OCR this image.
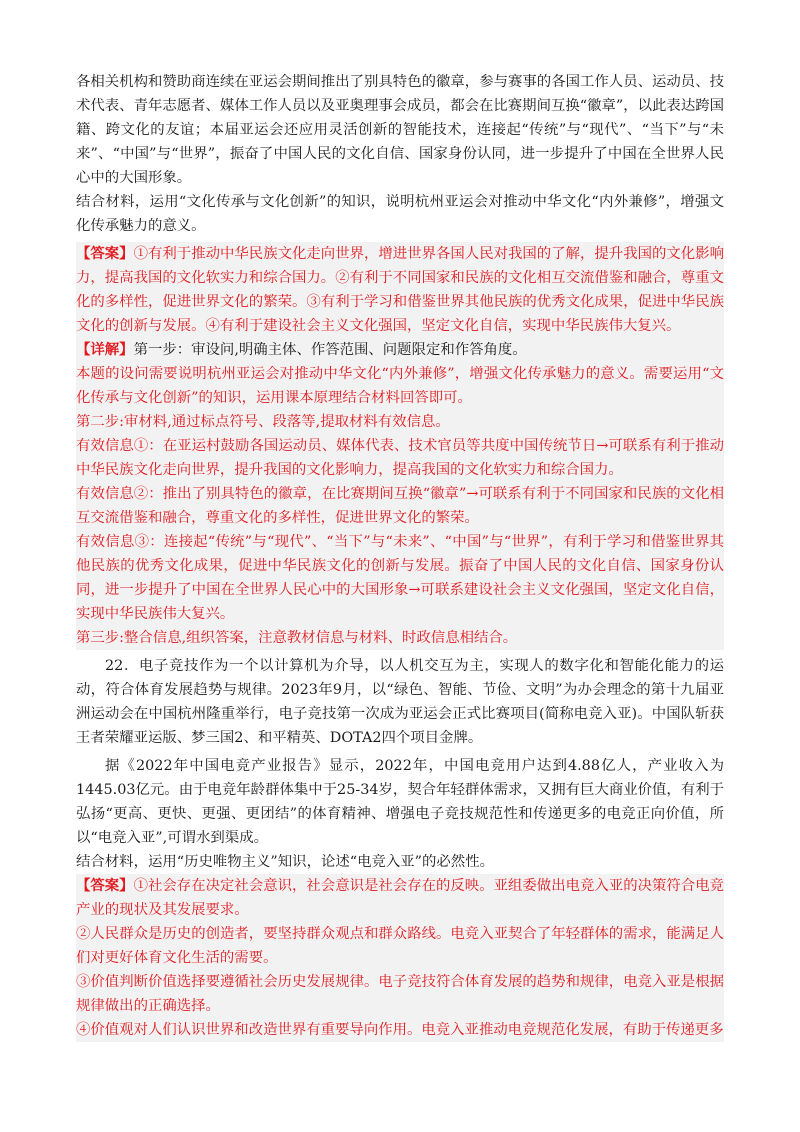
各相关机构和赞助商连续在亚运会期间推出了别具特色的徽章，参与赛事的各国工作人员、运动员、技术代表、青年志愿者、媒体工作人员以及亚奥理事会成员，都会在比赛期间互换“徽章”，以此表达跨国籍、跨文化的友谊；本届亚运会还应用灵活创新的智能技术，连接起“传统”与“现代”、“当下”与“未来”、“中国”与“世界”，振奋了中国人民的文化自信、国家身份认同，进一步提升了中国在全世界人民心中的大国形象。

结合材料，运用“文化传承与文化创新”的知识，说明杭州亚运会对推动中华文化“内外兼修”，增强文化传承魅力的意义。

【答案】①有利于推动中华民族文化走向世界，增进世界各国人民对我国的了解，提升我国的文化影响力，提高我国的文化软实力和综合国力。②有利于不同国家和民族的文化相互交流借鉴和融合，尊重文化的多样性，促进世界文化的繁荣。③有利于学习和借鉴世界其他民族的优秀文化成果，促进中华民族文化的创新与发展。④有利于建设社会主义文化强国，坚定文化自信，实现中华民族伟大复兴。

【详解】第一步：审设问,明确主体、作答范围、问题限定和作答角度。

本题的设问需要说明杭州亚运会对推动中华文化“内外兼修”，增强文化传承魅力的意义。需要运用“文化传承与文化创新”的知识，运用课本原理结合材料回答即可。

第二步:审材料,通过标点符号、段落等,提取材料有效信息。

有效信息①：在亚运村鼓励各国运动员、媒体代表、技术官员等共度中国传统节日→可联系有利于推动中华民族文化走向世界，提升我国的文化影响力，提高我国的文化软实力和综合国力。

有效信息②：推出了别具特色的徽章，在比赛期间互换“徽章”→可联系有利于不同国家和民族的文化相互交流借鉴和融合，尊重文化的多样性，促进世界文化的繁荣。

有效信息③：连接起“传统”与“现代”、“当下”与“未来”、“中国”与“世界”，有利于学习和借鉴世界其他民族的优秀文化成果，促进中华民族文化的创新与发展。振奋了中国人民的文化自信、国家身份认同，进一步提升了中国在全世界人民心中的大国形象→可联系建设社会主义文化强国，坚定文化自信，实现中华民族伟大复兴。

第三步:整合信息,组织答案，注意教材信息与材料、时政信息相结合。

22．电子竞技作为一个以计算机为介导，以人机交互为主，实现人的数字化和智能化能力的运动，符合体育发展趋势与规律。2023年9月，以“绿色、智能、节俭、文明”为办会理念的第十九届亚洲运动会在中国杭州隆重举行，电子竞技第一次成为亚运会正式比赛项目(简称电竞入亚)。中国队斩获王者荣耀亚运版、梦三国2、和平精英、DOTA2四个项目金牌。

据《2022年中国电竞产业报告》显示，2022年，中国电竞用户达到4.88亿人，产业收入为1445.03亿元。由于电竞年龄群体集中于25-34岁，契合年轻群体需求，又拥有巨大商业价值，有利于弘扬“更高、更快、更强、更团结”的体育精神、增强电子竞技规范性和传递更多的电竞正向价值，所以“电竞入亚”,可谓水到渠成。

结合材料，运用“历史唯物主义”知识，论述“电竞入亚”的必然性。

【答案】①社会存在决定社会意识，社会意识是社会存在的反映。亚组委做出电竞入亚的决策符合电竞产业的现状及其发展要求。

②人民群众是历史的创造者，要坚持群众观点和群众路线。电竞入亚契合了年轻群体的需求，能满足人们对更好体育文化生活的需要。

③价值判断价值选择要遵循社会历史发展规律。电子竞技符合体育发展的趋势和规律，电竞入亚是根据规律做出的正确选择。

④价值观对人们认识世界和改造世界有重要导向作用。电竞入亚推动电竞规范化发展，有助于传递更多
